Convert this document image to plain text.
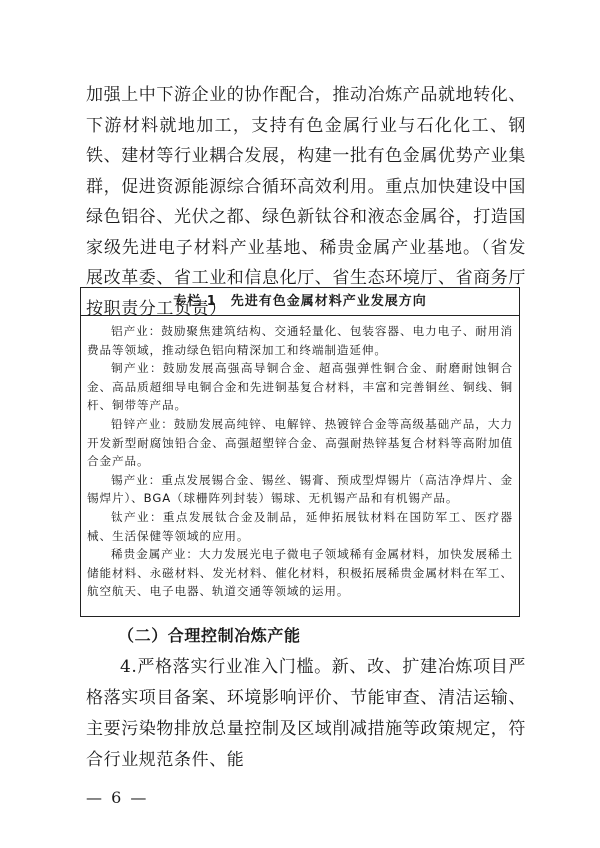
加强上中下游企业的协作配合，推动冶炼产品就地转化、下游材料就地加工，支持有色金属行业与石化化工、钢铁、建材等行业耦合发展，构建一批有色金属优势产业集群，促进资源能源综合循环高效利用。重点加快建设中国绿色铝谷、光伏之都、绿色新钛谷和液态金属谷，打造国家级先进电子材料产业基地、稀贵金属产业基地。（省发展改革委、省工业和信息化厅、省生态环境厅、省商务厅按职责分工负责）

专栏 1　先进有色金属材料产业发展方向

铝产业：鼓励聚焦建筑结构、交通轻量化、包装容器、电力电子、耐用消费品等领域，推动绿色铝向精深加工和终端制造延伸。

铜产业：鼓励发展高强高导铜合金、超高强弹性铜合金、耐磨耐蚀铜合金、高品质超细导电铜合金和先进铜基复合材料，丰富和完善铜丝、铜线、铜杆、铜带等产品。

铅锌产业：鼓励发展高纯锌、电解锌、热镀锌合金等高级基础产品，大力开发新型耐腐蚀铅合金、高强超塑锌合金、高强耐热锌基复合材料等高附加值合金产品。

锡产业：重点发展锡合金、锡丝、锡膏、预成型焊锡片（高洁净焊片、金锡焊片）、BGA（球栅阵列封装）锡球、无机锡产品和有机锡产品。

钛产业：重点发展钛合金及制品，延伸拓展钛材料在国防军工、医疗器械、生活保健等领域的应用。

稀贵金属产业：大力发展光电子微电子领域稀有金属材料，加快发展稀土储能材料、永磁材料、发光材料、催化材料，积极拓展稀贵金属材料在军工、航空航天、电子电器、轨道交通等领域的运用。

（二）合理控制冶炼产能

4.严格落实行业准入门槛。新、改、扩建冶炼项目严格落实项目备案、环境影响评价、节能审查、清洁运输、主要污染物排放总量控制及区域削减措施等政策规定，符合行业规范条件、能

— 6 —
